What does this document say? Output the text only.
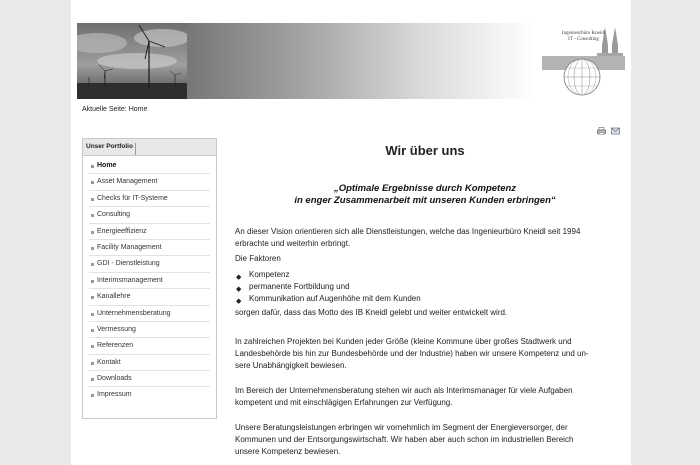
Ingenieurbüro Kneidl
IT - Consulting
Aktuelle Seite: Home
Unser Portfolio
Home
Asset Management
Checks für IT-Systeme
Consulting
Energieeffizienz
Facility Management
GDI - Dienstleistung
Interimsmanagement
Kanallehre
Unternehmensberatung
Vermessung
Referenzen
Kontakt
Downloads
Impressum
Wir über uns
„Optimale Ergebnisse durch Kompetenz
in enger Zusammenarbeit mit unseren Kunden erbringen“
An dieser Vision orientieren sich alle Dienstleistungen, welche das Ingenieurbüro Kneidl seit 1994
erbrachte und weiterhin erbringt.
Die Faktoren
◆ Kompetenz
◆ permanente Fortbildung und
◆ Kommunikation auf Augenhöhe mit dem Kunden
sorgen dafür, dass das Motto des IB Kneidl gelebt und weiter entwickelt wird.
In zahlreichen Projekten bei Kunden jeder Größe (kleine Kommune über großes Stadtwerk und
Landesbehörde bis hin zur Bundesbehörde und der Industrie) haben wir unsere Kompetenz und un-
sere Unabhängigkeit bewiesen.
Im Bereich der Unternehmensberatung stehen wir auch als Interimsmanager für viele Aufgaben
kompetent und mit einschlägigen Erfahrungen zur Verfügung.
Unsere Beratungsleistungen erbringen wir vornehmlich im Segment der Energieversorger, der
Kommunen und der Entsorgungswirtschaft. Wir haben aber auch schon im industriellen Bereich
unsere Kompetenz bewiesen.
